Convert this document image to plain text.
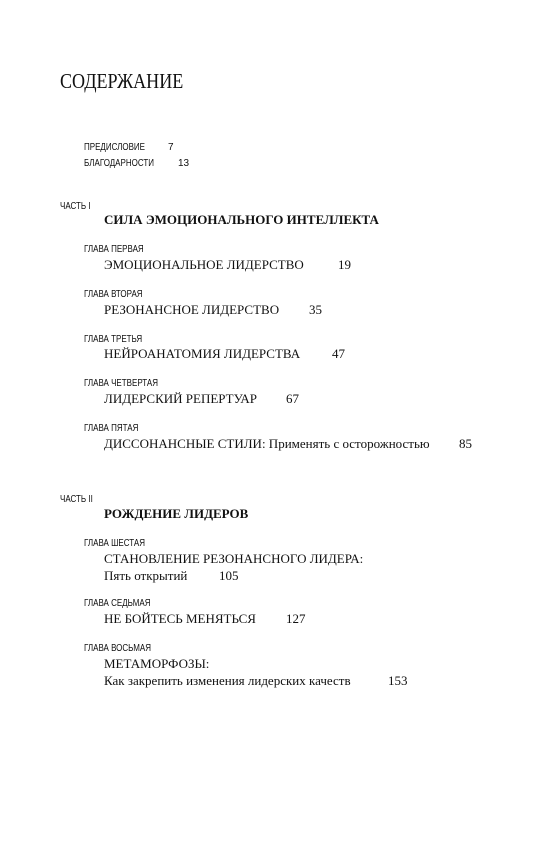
СОДЕРЖАНИЕ
ПРЕДИСЛОВИЕ 7
БЛАГОДАРНОСТИ 13
ЧАСТЬ I
СИЛА ЭМОЦИОНАЛЬНОГО ИНТЕЛЛЕКТА
ГЛАВА ПЕРВАЯ
ЭМОЦИОНАЛЬНОЕ ЛИДЕРСТВО	19
ГЛАВА ВТОРАЯ
РЕЗОНАНСНОЕ ЛИДЕРСТВО 35
ГЛАВА ТРЕТЬЯ
НЕЙРОАНАТОМИЯ ЛИДЕРСТВА 47
ГЛАВА ЧЕТВЕРТАЯ
ЛИДЕРСКИЙ РЕПЕРТУАР 67
ГЛАВА ПЯТАЯ
ДИССОНАНСНЫЕ СТИЛИ: Применять с осторожностью 85
ЧАСТЬ II
РОЖДЕНИЕ ЛИДЕРОВ
ГЛАВА ШЕСТАЯ
СТАНОВЛЕНИЕ РЕЗОНАНСНОГО ЛИДЕРА:
Пять открытий 105
ГЛАВА СЕДЬМАЯ
НЕ БОЙТЕСЬ МЕНЯТЬСЯ 127
ГЛАВА ВОСЬМАЯ
МЕТАМОРФОЗЫ:
Как закрепить изменения лидерских качеств	153
